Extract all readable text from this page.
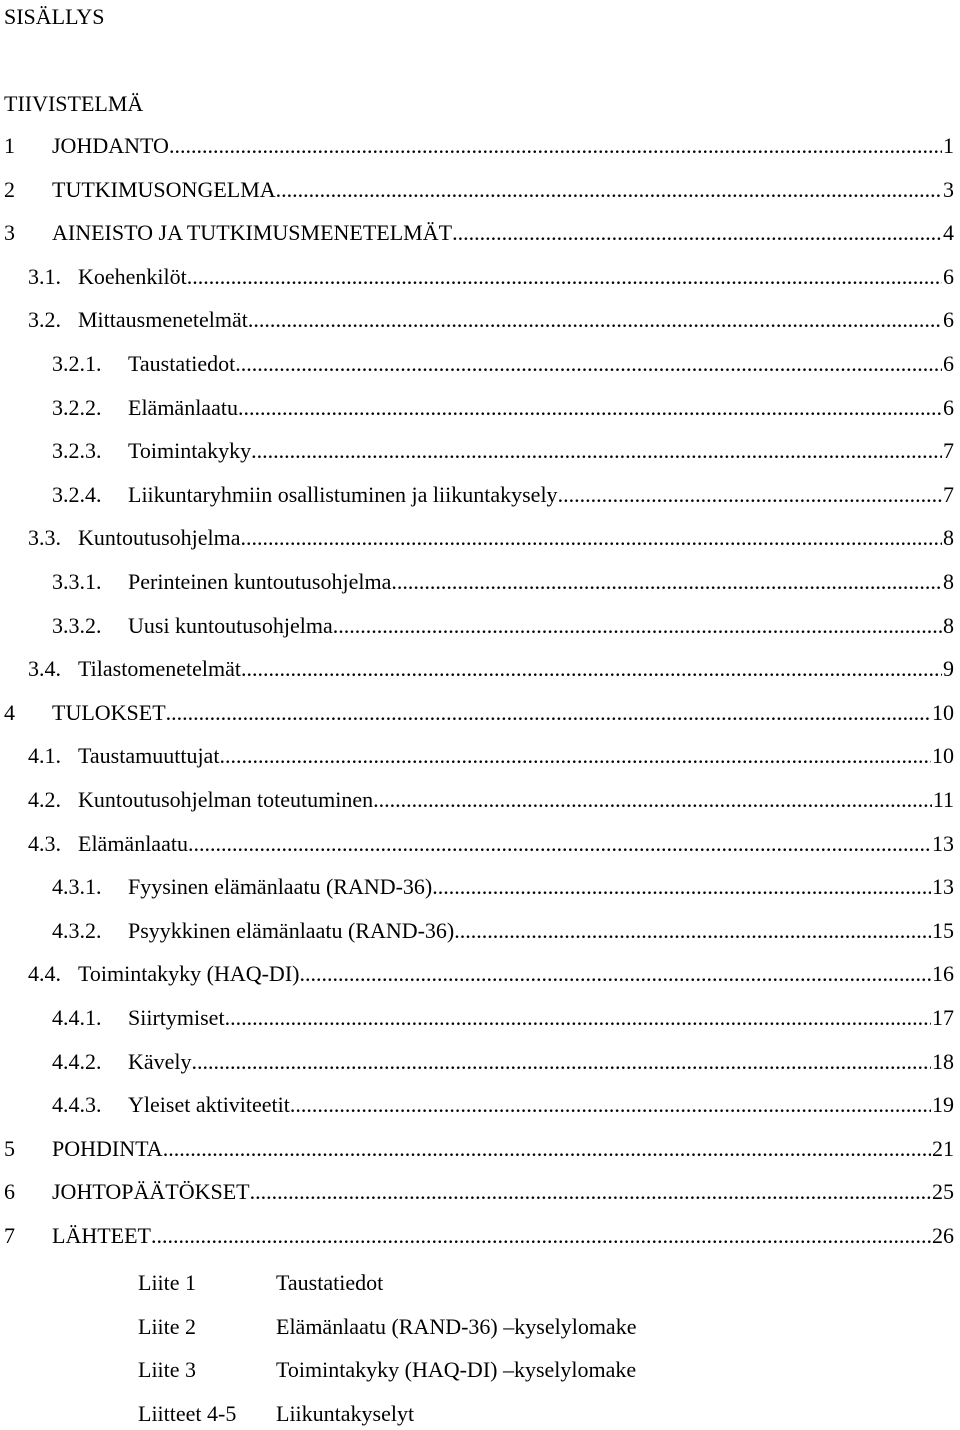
SISÄLLYS
TIIVISTELMÄ
1 JOHDANTO .....	1
2 TUTKIMUSONGELMA .....	3
3 AINEISTO JA TUTKIMUSMENETELMÄT .....	4
3.1. Koehenkilöt .....	6
3.2. Mittausmenetelmät .....	6
3.2.1. Taustatiedot .....	6
3.2.2. Elämänlaatu .....	6
3.2.3. Toimintakyky .....	7
3.2.4. Liikuntaryhmiin osallistuminen ja liikuntakysely .....	7
3.3. Kuntoutusohjelma .....	8
3.3.1. Perinteinen kuntoutusohjelma .....	8
3.3.2. Uusi kuntoutusohjelma .....	8
3.4. Tilastomenetelmät .....	9
4 TULOKSET .....	10
4.1. Taustamuuttujat .....	10
4.2. Kuntoutusohjelman toteutuminen .....	11
4.3. Elämänlaatu .....	13
4.3.1. Fyysinen elämänlaatu (RAND-36) .....	13
4.3.2. Psyykkinen elämänlaatu (RAND-36) .....	15
4.4. Toimintakyky (HAQ-DI) .....	16
4.4.1. Siirtymiset .....	17
4.4.2. Kävely .....	18
4.4.3. Yleiset aktiviteetit .....	19
5 POHDINTA .....	21
6 JOHTOPÄÄTÖKSET .....	25
7 LÄHTEET .....	26
Liite 1	Taustatiedot
Liite 2	Elämänlaatu (RAND-36) –kyselylomake
Liite 3	Toimintakyky (HAQ-DI) –kyselylomake
Liitteet 4-5 Liikuntakyselyt
